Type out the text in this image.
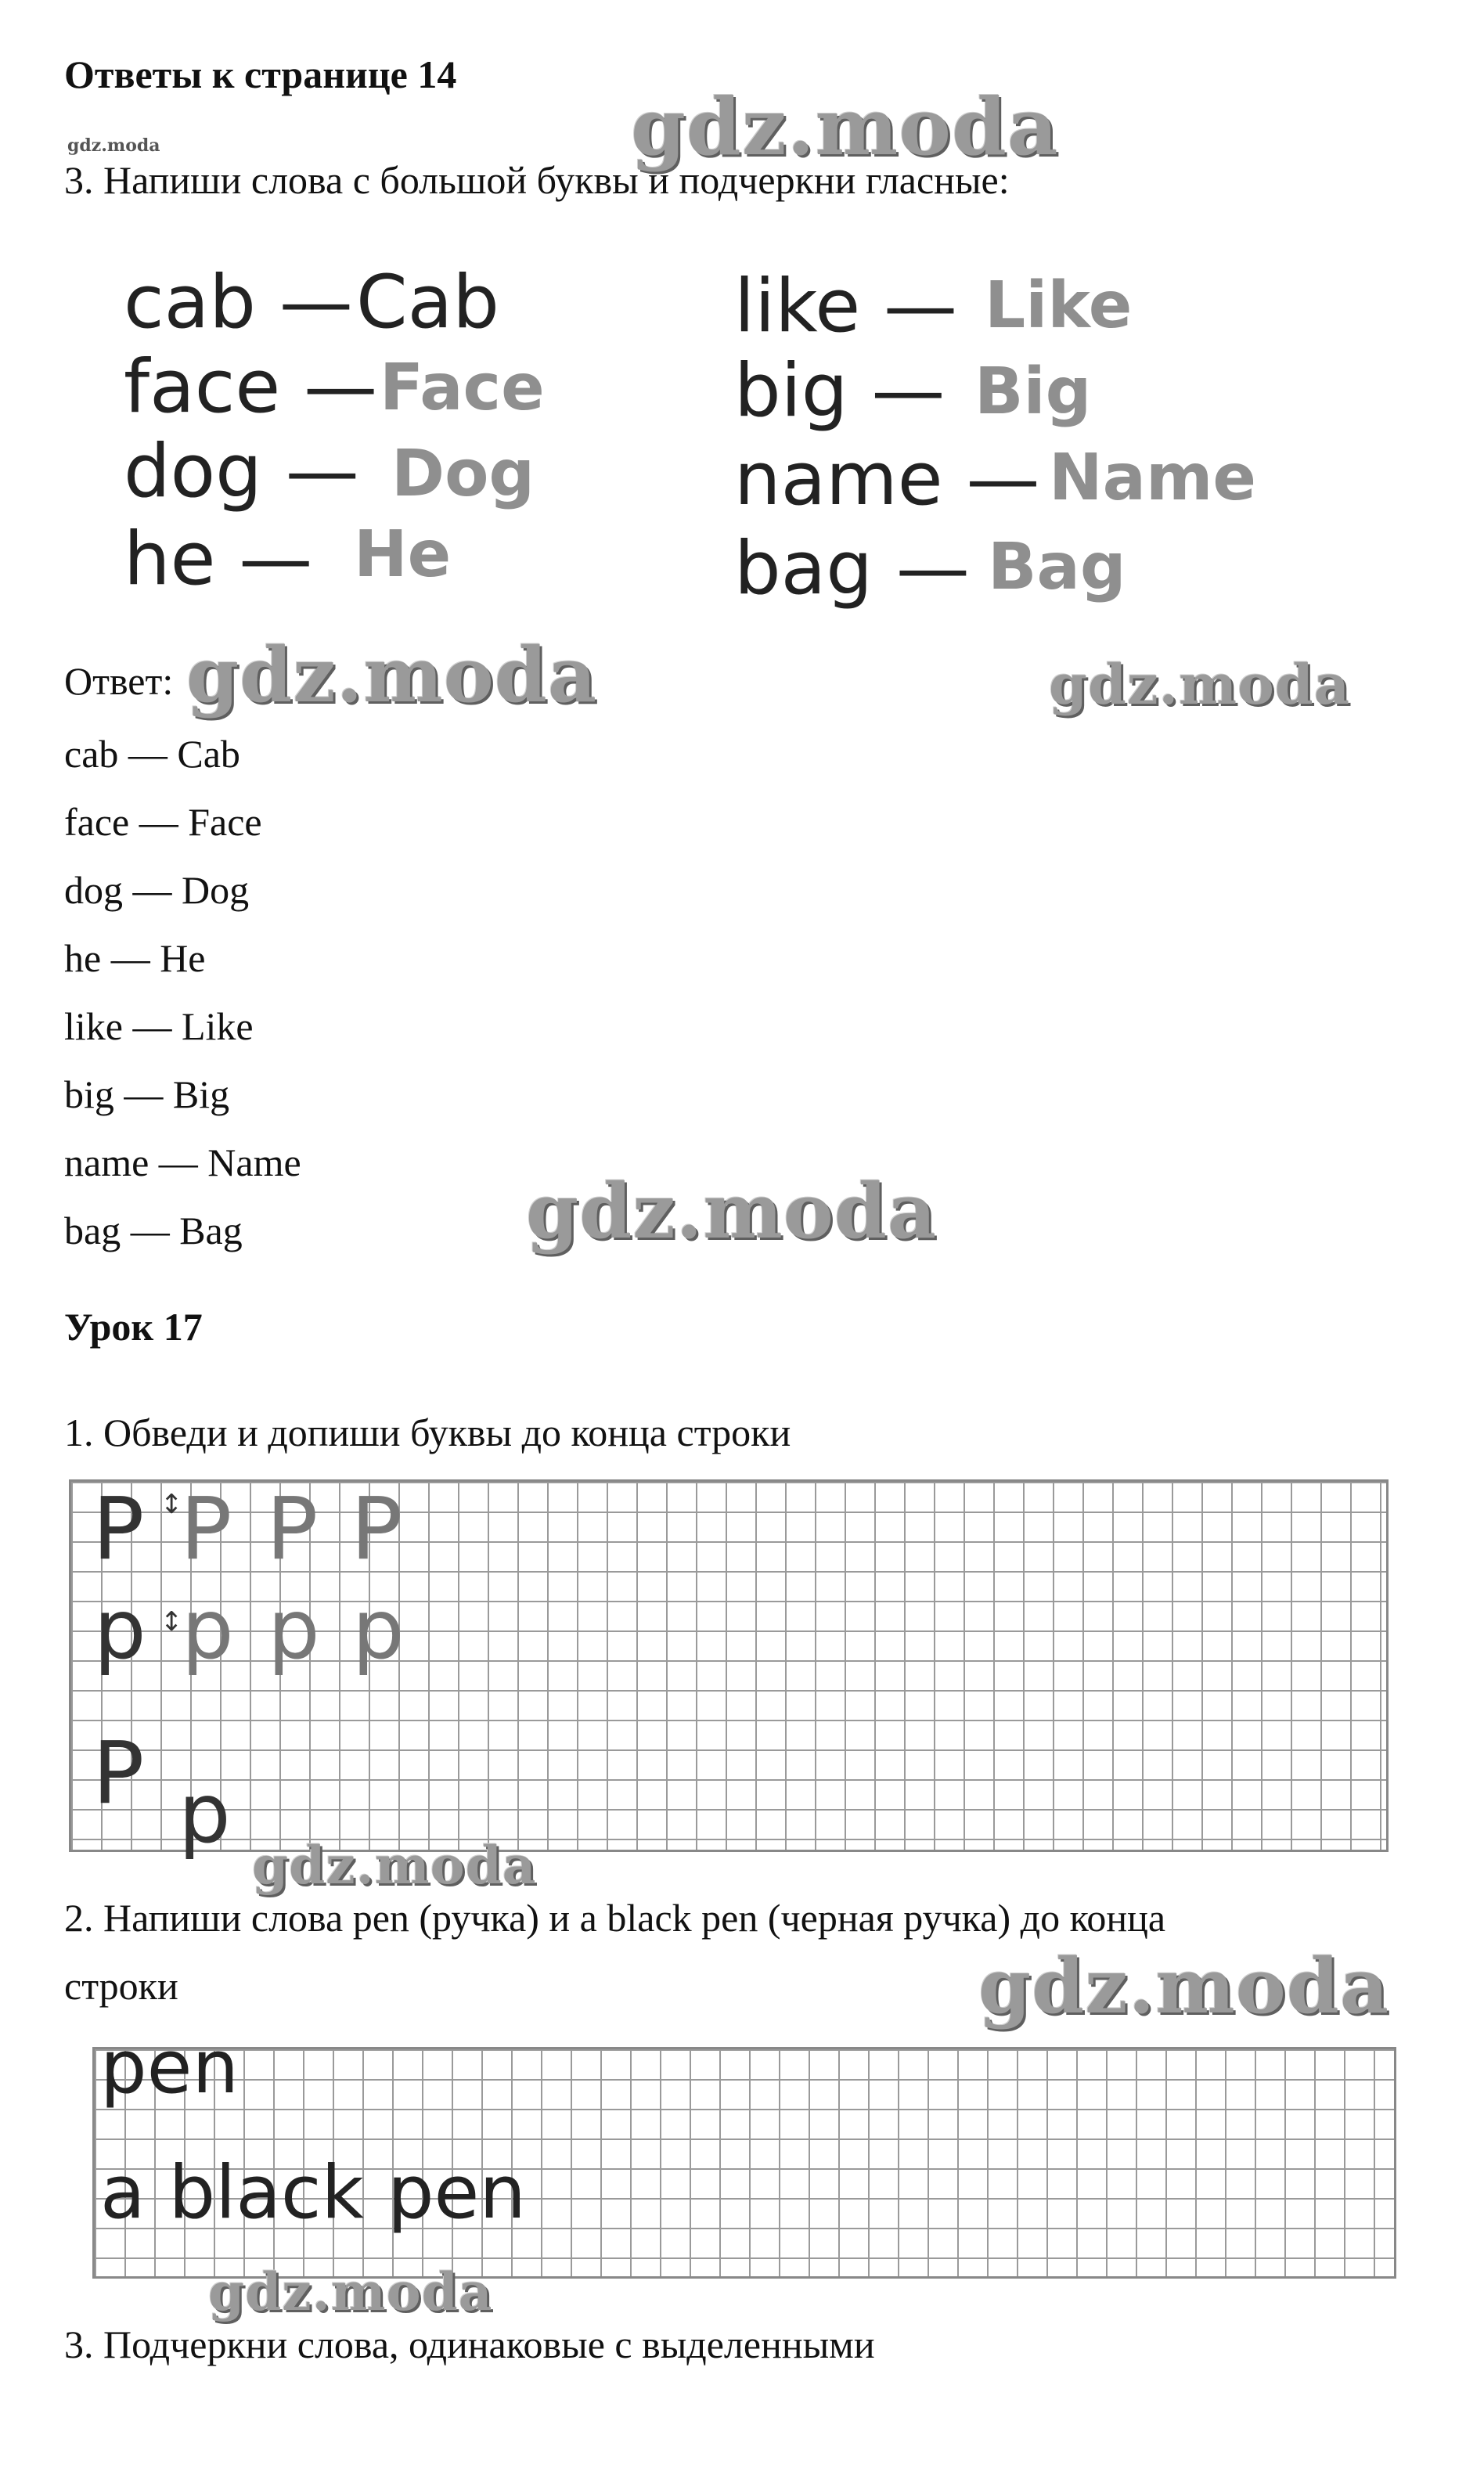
Ответы к странице 14
gdz.moda
gdz.moda
3. Напиши слова с большой буквы и подчеркни гласные:
cab — Cab
face — Face
dog — Dog
he — He
like — Like
big — Big
name — Name
bag — Bag
Ответ: gdz.moda	gdz.moda
cab — Cab
face — Face
dog — Dog
he — He
like — Like
big — Big
name — Name
bag — Bag	gdz.moda
Урок 17
1. Обведи и допиши буквы до конца строки
P ↕
P P P
p ↕
p p p
P p
gdz.moda
2. Напиши слова pen (ручка) и a black pen (черная ручка) до конца
строки	gdz.moda
pen
a black pen
gdz.moda
3. Подчеркни слова, одинаковые с выделенными
